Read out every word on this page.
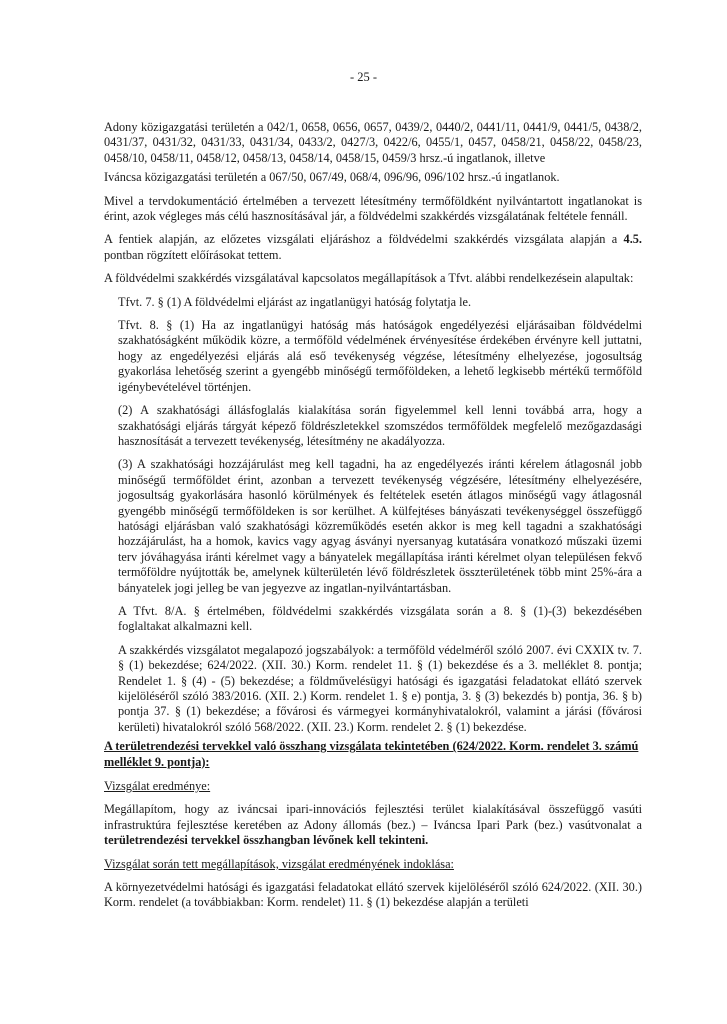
- 25 -

Adony közigazgatási területén a 042/1, 0658, 0656, 0657, 0439/2, 0440/2, 0441/11, 0441/9, 0441/5, 0438/2, 0431/37, 0431/32, 0431/33, 0431/34, 0433/2, 0427/3, 0422/6, 0455/1, 0457, 0458/21, 0458/22, 0458/23, 0458/10, 0458/11, 0458/12, 0458/13, 0458/14, 0458/15, 0459/3 hrsz.-ú ingatlanok, illetve

Iváncsa közigazgatási területén a 067/50, 067/49, 068/4, 096/96, 096/102 hrsz.-ú ingatlanok.

Mivel a tervdokumentáció értelmében a tervezett létesítmény termőföldként nyilvántartott ingatlanokat is érint, azok végleges más célú hasznosításával jár, a földvédelmi szakkérdés vizsgálatának feltétele fennáll.

A fentiek alapján, az előzetes vizsgálati eljáráshoz a földvédelmi szakkérdés vizsgálata alapján a 4.5. pontban rögzített előírásokat tettem.

A földvédelmi szakkérdés vizsgálatával kapcsolatos megállapítások a Tfvt. alábbi rendelkezésein alapultak:

Tfvt. 7. § (1) A földvédelmi eljárást az ingatlanügyi hatóság folytatja le.

Tfvt. 8. § (1) Ha az ingatlanügyi hatóság más hatóságok engedélyezési eljárásaiban földvédelmi szakhatóságként működik közre, a termőföld védelmének érvényesítése érdekében érvényre kell juttatni, hogy az engedélyezési eljárás alá eső tevékenység végzése, létesítmény elhelyezése, jogosultság gyakorlása lehetőség szerint a gyengébb minőségű termőföldeken, a lehető legkisebb mértékű termőföld igénybevételével történjen.

(2) A szakhatósági állásfoglalás kialakítása során figyelemmel kell lenni továbbá arra, hogy a szakhatósági eljárás tárgyát képező földrészletekkel szomszédos termőföldek megfelelő mezőgazdasági hasznosítását a tervezett tevékenység, létesítmény ne akadályozza.

(3) A szakhatósági hozzájárulást meg kell tagadni, ha az engedélyezés iránti kérelem átlagosnál jobb minőségű termőföldet érint, azonban a tervezett tevékenység végzésére, létesítmény elhelyezésére, jogosultság gyakorlására hasonló körülmények és feltételek esetén átlagos minőségű vagy átlagosnál gyengébb minőségű termőföldeken is sor kerülhet. A külfejtéses bányászati tevékenységgel összefüggő hatósági eljárásban való szakhatósági közreműködés esetén akkor is meg kell tagadni a szakhatósági hozzájárulást, ha a homok, kavics vagy agyag ásványi nyersanyag kutatására vonatkozó műszaki üzemi terv jóváhagyása iránti kérelmet vagy a bányatelek megállapítása iránti kérelmet olyan településen fekvő termőföldre nyújtották be, amelynek külterületén lévő földrészletek összterületének több mint 25%-ára a bányatelek jogi jelleg be van jegyezve az ingatlan-nyilvántartásban.

A Tfvt. 8/A. § értelmében, földvédelmi szakkérdés vizsgálata során a 8. § (1)-(3) bekezdésében foglaltakat alkalmazni kell.

A szakkérdés vizsgálatot megalapozó jogszabályok: a termőföld védelméről szóló 2007. évi CXXIX tv. 7. § (1) bekezdése; 624/2022. (XII. 30.) Korm. rendelet 11. § (1) bekezdése és a 3. melléklet 8. pontja; Rendelet 1. § (4) - (5) bekezdése; a földművelésügyi hatósági és igazgatási feladatokat ellátó szervek kijelöléséről szóló 383/2016. (XII. 2.) Korm. rendelet 1. § e) pontja, 3. § (3) bekezdés b) pontja, 36. § b) pontja 37. § (1) bekezdése; a fővárosi és vármegyei kormányhivatalokról, valamint a járási (fővárosi kerületi) hivatalokról szóló 568/2022. (XII. 23.) Korm. rendelet 2. § (1) bekezdése.

A területrendezési tervekkel való összhang vizsgálata tekintetében (624/2022. Korm. rendelet 3. számú melléklet 9. pontja):

Vizsgálat eredménye:

Megállapítom, hogy az iváncsai ipari-innovációs fejlesztési terület kialakításával összefüggő vasúti infrastruktúra fejlesztése keretében az Adony állomás (bez.) – Iváncsa Ipari Park (bez.) vasútvonalat a területrendezési tervekkel összhangban lévőnek kell tekinteni.

Vizsgálat során tett megállapítások, vizsgálat eredményének indoklása:

A környezetvédelmi hatósági és igazgatási feladatokat ellátó szervek kijelöléséről szóló 624/2022. (XII. 30.) Korm. rendelet (a továbbiakban: Korm. rendelet) 11. § (1) bekezdése alapján a területi
